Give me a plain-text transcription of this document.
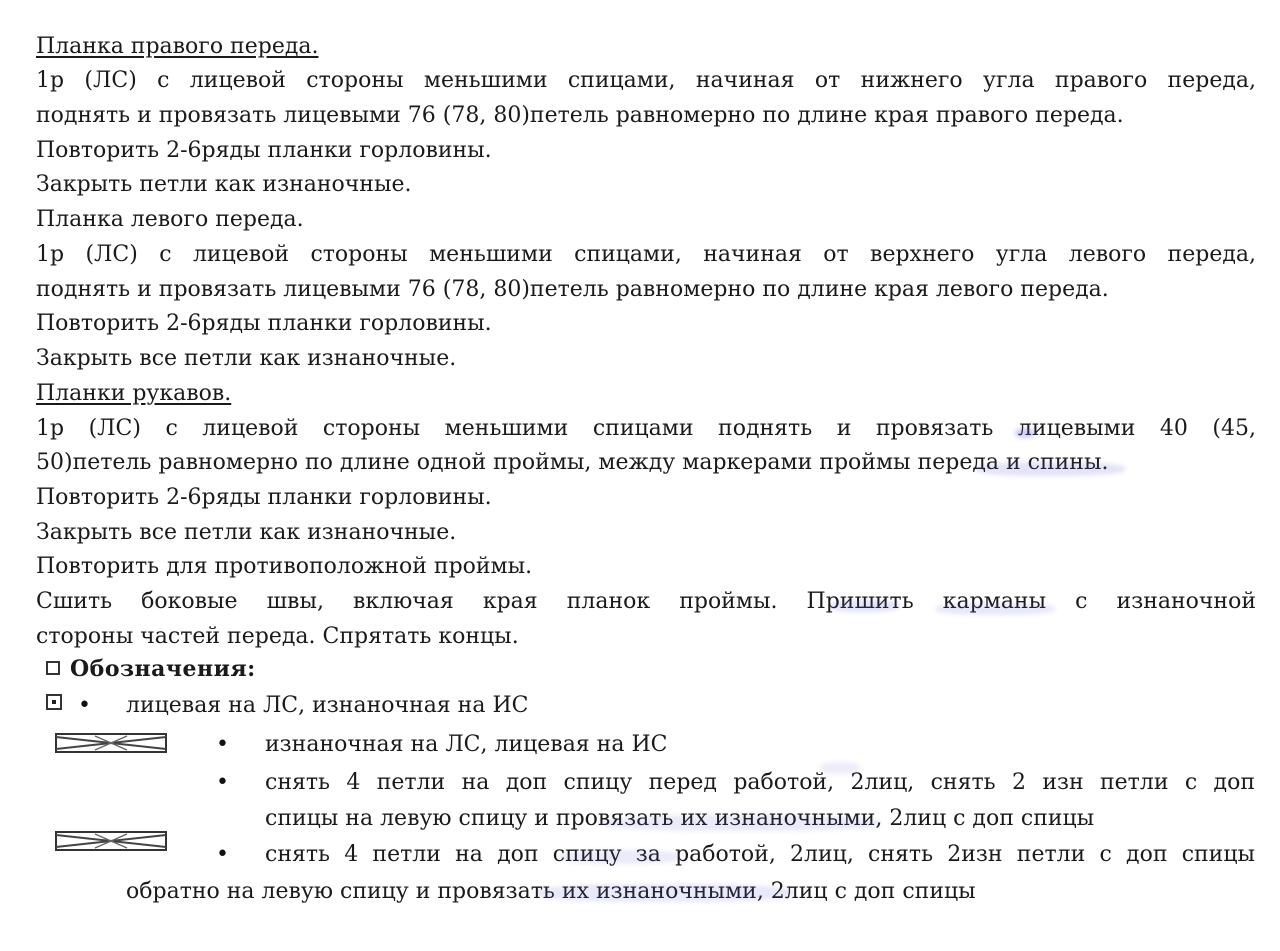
Планка правого переда.
1р (ЛС) с лицевой стороны меньшими спицами, начиная от нижнего угла правого переда,
поднять и провязать лицевыми 76 (78, 80)петель равномерно по длине края правого переда.
Повторить 2-6ряды планки горловины.
Закрыть петли как изнаночные.
Планка левого переда.
1р (ЛС) с лицевой стороны меньшими спицами, начиная от верхнего угла левого переда,
поднять и провязать лицевыми 76 (78, 80)петель равномерно по длине края левого переда.
Повторить 2-6ряды планки горловины.
Закрыть все петли как изнаночные.
Планки рукавов.
1р (ЛС) с лицевой стороны меньшими спицами поднять и провязать лицевыми 40 (45,
50)петель равномерно по длине одной проймы, между маркерами проймы переда и спины.
Повторить 2-6ряды планки горловины.
Закрыть все петли как изнаночные.
Повторить для противоположной проймы.
Сшить боковые швы, включая края планок проймы. Пришить карманы с изнаночной
стороны частей переда. Спрятать концы.
Обозначения:
• лицевая на ЛС, изнаночная на ИС
• изнаночная на ЛС, лицевая на ИС
• снять 4 петли на доп спицу перед работой, 2лиц, снять 2 изн петли с доп
спицы на левую спицу и провязать их изнаночными, 2лиц с доп спицы
• снять 4 петли на доп спицу за работой, 2лиц, снять 2изн петли с доп спицы
обратно на левую спицу и провязать их изнаночными, 2лиц с доп спицы
